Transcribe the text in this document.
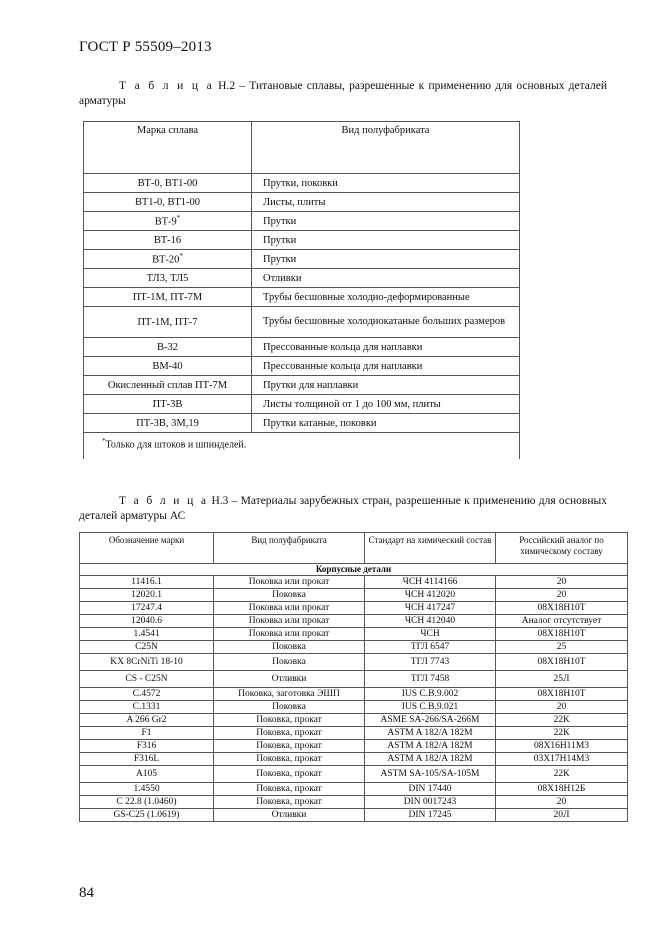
ГОСТ Р 55509–2013
Т а б л и ц а Н.2 – Титановые сплавы, разрешенные к применению для основных деталей арматуры
Марка сплава	Вид полуфабриката
ВТ-0, ВТ1-00	Прутки, поковки
ВТ1-0, ВТ1-00	Листы, плиты
ВТ-9*	Прутки
ВТ-16	Прутки
ВТ-20*	Прутки
ТЛ3, ТЛ5	Отливки
ПТ-1М, ПТ-7М	Трубы бесшовные холодно-деформированные
ПТ-1М, ПТ-7	Трубы бесшовные холоднокатаные больших размеров
В-32	Прессованные кольца для наплавки
ВМ-40	Прессованные кольца для наплавки
Окисленный сплав ПТ-7М	Прутки для наплавки
ПТ-3В	Листы толщиной от 1 до 100 мм, плиты
ПТ-3В, 3М,19	Прутки катаные, поковки
*Только для штоков и шпинделей.	
Т а б л и ц а Н.3 – Материалы зарубежных стран, разрешенные к применению для основных деталей арматуры АС
Обозначение марки	Вид полуфабриката	Стандарт на химический состав	Российский аналог по химическому составу
Корпусные детали			
11416.1	Поковка или прокат	ЧСН 4114166	20
12020.1	Поковка	ЧСН 412020	20
17247.4	Поковка или прокат	ЧСН 417247	08Х18Н10Т
12040.6	Поковка или прокат	ЧСН 412040	Аналог отсутствует
1.4541	Поковка или прокат	ЧСН	08Х18Н10Т
C25N	Поковка	ТГЛ 6547	25
KX 8CrNiTi 18-10	Поковка	ТГЛ 7743	08Х18Н10Т
CS - C25N	Отливки	ТГЛ 7458	25Л
С.4572	Поковка, заготовка ЭШП	IUS C.B.9.002	08Х18Н10Т
С.1331	Поковка	IUS C.B.9.021	20
A 266 Gr2	Поковка, прокат	ASME SA-266/SA-266M	22К
F1	Поковка, прокат	ASTM A 182/A 182M	22К
F316	Поковка, прокат	ASTM A 182/A 182M	08Х16Н11М3
F316L	Поковка, прокат	ASTM A 182/A 182M	03Х17Н14М3
A105	Поковка, прокат	ASTM SA-105/SA-105M	22К
1.4550	Поковка, прокат	DIN 17440	08Х18Н12Б
C 22.8 (1.0460)	Поковка, прокат	DIN 0017243	20
GS-C25 (1.0619)	Отливки	DIN 17245	20Л
84
